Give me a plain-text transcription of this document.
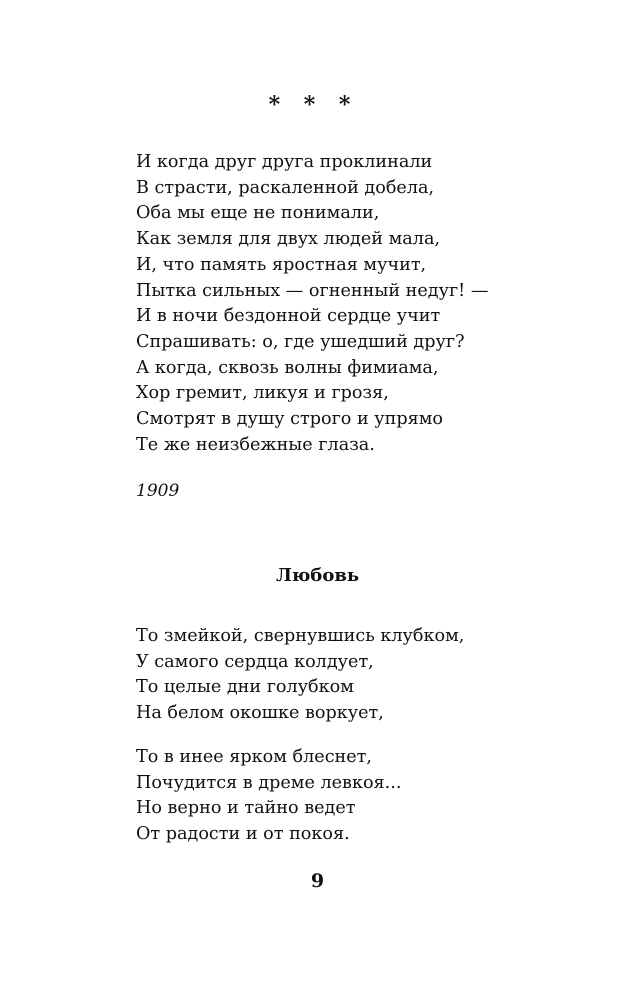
* * *
И когда друг друга проклинали
В страсти, раскаленной добела,
Оба мы еще не понимали,
Как земля для двух людей мала,
И, что память яростная мучит,
Пытка сильных — огненный недуг! —
И в ночи бездонной сердце учит
Спрашивать: о, где ушедший друг?
А когда, сквозь волны фимиама,
Хор гремит, ликуя и грозя,
Смотрят в душу строго и упрямо
Те же неизбежные глаза.
1909
Любовь
То змейкой, свернувшись клубком,
У самого сердца колдует,
То целые дни голубком
На белом окошке воркует,
То в инее ярком блеснет,
Почудится в дреме левкоя...
Но верно и тайно ведет
От радости и от покоя.
9
